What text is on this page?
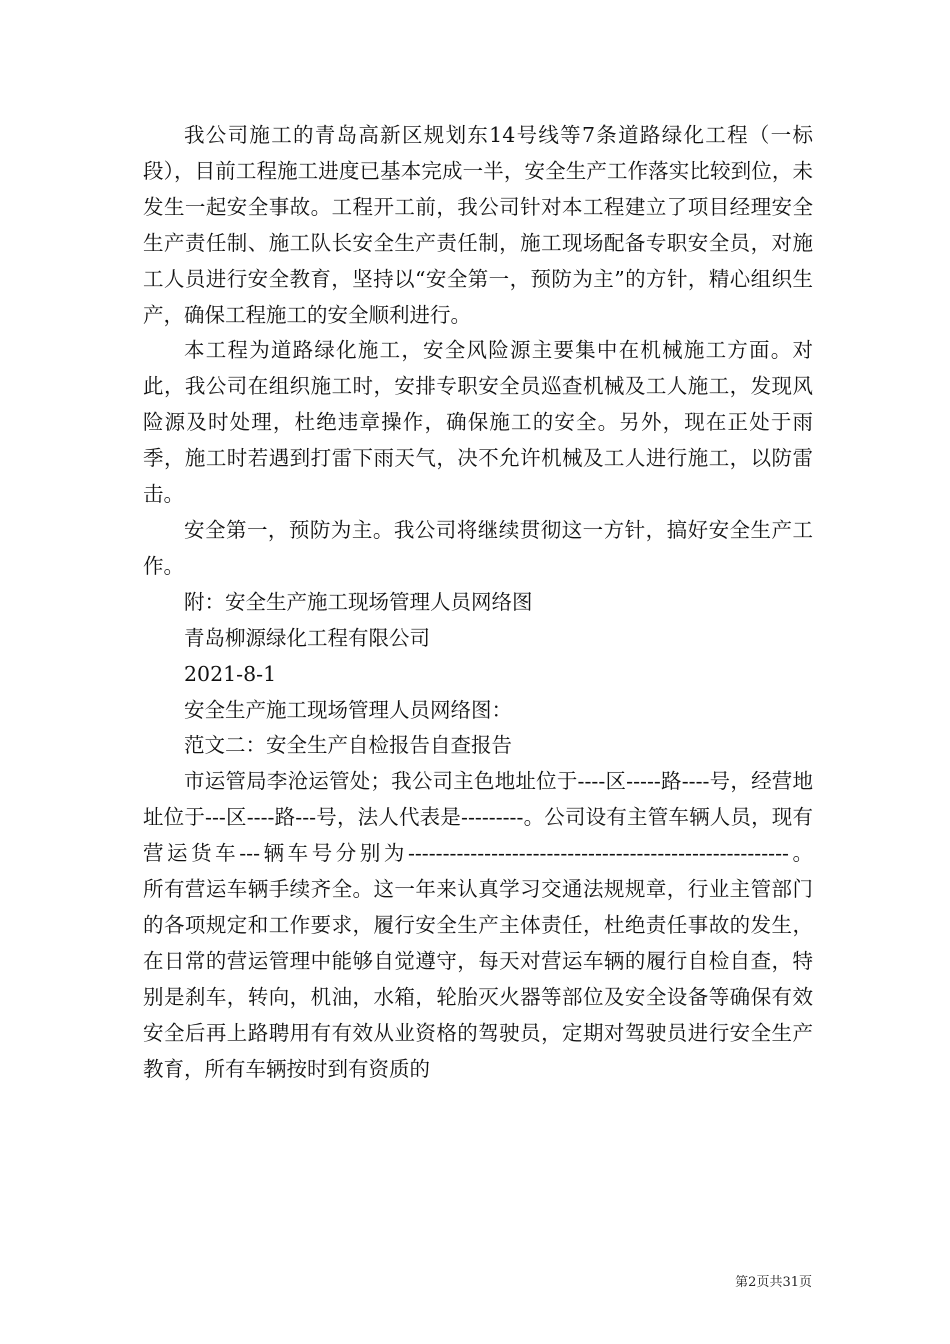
我公司施工的青岛高新区规划东14号线等7条道路绿化工程（一标段），目前工程施工进度已基本完成一半，安全生产工作落实比较到位，未发生一起安全事故。工程开工前，我公司针对本工程建立了项目经理安全生产责任制、施工队长安全生产责任制，施工现场配备专职安全员，对施工人员进行安全教育，坚持以“安全第一，预防为主”的方针，精心组织生产，确保工程施工的安全顺利进行。

本工程为道路绿化施工，安全风险源主要集中在机械施工方面。对此，我公司在组织施工时，安排专职安全员巡查机械及工人施工，发现风险源及时处理，杜绝违章操作，确保施工的安全。另外，现在正处于雨季，施工时若遇到打雷下雨天气，决不允许机械及工人进行施工，以防雷击。

安全第一，预防为主。我公司将继续贯彻这一方针，搞好安全生产工作。

附：安全生产施工现场管理人员网络图

青岛柳源绿化工程有限公司

2021-8-1

安全生产施工现场管理人员网络图：

范文二：安全生产自检报告自查报告

市运管局李沧运管处；我公司主色地址位于----区-----路----号，经营地址位于---区----路---号，法人代表是---------。公司设有主管车辆人员，现有营运货车---辆车号分别为-------------------------------------------------------。

所有营运车辆手续齐全。这一年来认真学习交通法规规章，行业主管部门的各项规定和工作要求，履行安全生产主体责任，杜绝责任事故的发生，在日常的营运管理中能够自觉遵守，每天对营运车辆的履行自检自查，特别是刹车，转向，机油，水箱，轮胎灭火器等部位及安全设备等确保有效安全后再上路聘用有有效从业资格的驾驶员，定期对驾驶员进行安全生产教育，所有车辆按时到有资质的

第2页共31页
